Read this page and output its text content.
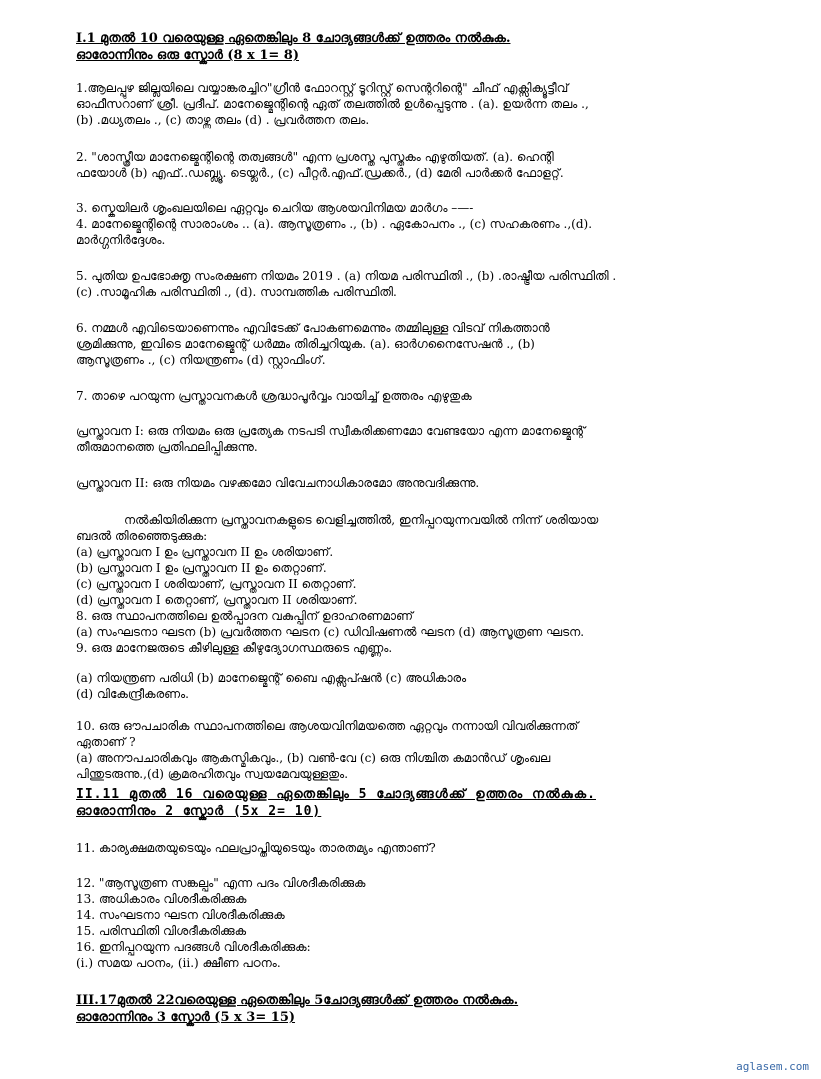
I.1 മുതൽ 10 വരെയുള്ള ഏതെങ്കിലും 8 ചോദ്യങ്ങൾക്ക് ഉത്തരം നൽകുക.
ഓരോന്നിനും ഒരു സ്കോർ (8 x 1= 8)
1.ആലപ്പുഴ ജില്ലയിലെ വയ്യാങ്കരച്ചിറ"ഗ്രീൻ ഫോറസ്റ്റ് ടൂറിസ്റ്റ് സെന്ററിന്റെ" ചീഫ് എക്സിക്യൂട്ടീവ്
ഓഫീസറാണ് ശ്രീ. പ്രദീപ്. മാനേജ്മെന്റിന്റെ ഏത് തലത്തിൽ ഉൾപ്പെടുന്നു . (a). ഉയർന്ന തലം .,
(b) .മധ്യതലം ., (c) താഴ്ന്ന തലം (d) . പ്രവർത്തന തലം.
2. "ശാസ്ത്രീയ മാനേജ്മെന്റിന്റെ തത്വങ്ങൾ" എന്ന പ്രശസ്ത പുസ്തകം എഴുതിയത്. (a). ഹെന്റി
ഫയോൾ (b) എഫ്..ഡബ്ല്യൂ. ടെയ്ലർ., (c) പീറ്റർ.എഫ്.ഡ്രക്കർ., (d) മേരി പാർക്കർ ഫോളറ്റ്.
3. സ്കെയിലർ ശൃംഖലയിലെ ഏറ്റവും ചെറിയ ആശയവിനിമയ മാർഗം –—-
4. മാനേജ്മെന്റിന്റെ സാരാംശം .. (a). ആസൂത്രണം ., (b) . ഏകോപനം ., (c) സഹകരണം .,(d).
മാർഗ്ഗനിർദ്ദേശം.
5. പുതിയ ഉപഭോക്തൃ സംരക്ഷണ നിയമം 2019 . (a) നിയമ പരിസ്ഥിതി ., (b) .രാഷ്ട്രീയ പരിസ്ഥിതി .
(c) .സാമൂഹിക പരിസ്ഥിതി ., (d). സാമ്പത്തിക പരിസ്ഥിതി.
6. നമ്മൾ എവിടെയാണെന്നും എവിടേക്ക് പോകണമെന്നും തമ്മിലുള്ള വിടവ് നികത്താൻ
ശ്രമിക്കുന്നു, ഇവിടെ മാനേജ്മെന്റ് ധർമ്മം തിരിച്ചറിയുക. (a). ഓർഗനൈസേഷൻ ., (b)
ആസൂത്രണം ., (c) നിയന്ത്രണം (d) സ്റ്റാഫിംഗ്.
7. താഴെ പറയുന്ന പ്രസ്താവനകൾ ശ്രദ്ധാപൂർവ്വം വായിച്ച് ഉത്തരം എഴുതുക
പ്രസ്താവന I: ഒരു നിയമം ഒരു പ്രത്യേക നടപടി സ്വീകരിക്കണമോ വേണ്ടയോ എന്ന മാനേജ്മെന്റ്
തീരുമാനത്തെ പ്രതിഫലിപ്പിക്കുന്നു.
പ്രസ്താവന II: ഒരു നിയമം വഴക്കമോ വിവേചനാധികാരമോ അനുവദിക്കുന്നു.
നൽകിയിരിക്കുന്ന പ്രസ്താവനകളുടെ വെളിച്ചത്തിൽ, ഇനിപ്പറയുന്നവയിൽ നിന്ന് ശരിയായ
ബദൽ തിരഞ്ഞെടുക്കുക:
(a) പ്രസ്താവന I ഉം പ്രസ്താവന II ഉം ശരിയാണ്.
(b) പ്രസ്താവന I ഉം പ്രസ്താവന II ഉം തെറ്റാണ്.
(c) പ്രസ്താവന I ശരിയാണ്, പ്രസ്താവന II തെറ്റാണ്.
(d) പ്രസ്താവന I തെറ്റാണ്, പ്രസ്താവന II ശരിയാണ്.
8. ഒരു സ്ഥാപനത്തിലെ ഉൽപ്പാദന വകുപ്പിന് ഉദാഹരണമാണ്
(a) സംഘടനാ ഘടന (b) പ്രവർത്തന ഘടന (c) ഡിവിഷണൽ ഘടന (d) ആസൂത്രണ ഘടന.
9. ഒരു മാനേജരുടെ കീഴിലുള്ള കീഴുദ്യോഗസ്ഥരുടെ എണ്ണം.
(a) നിയന്ത്രണ പരിധി (b) മാനേജ്മെന്റ് ബൈ എക്സപ്ഷൻ (c) അധികാരം
(d) വികേന്ദ്രീകരണം.
10. ഒരു ഔപചാരിക സ്ഥാപനത്തിലെ ആശയവിനിമയത്തെ ഏറ്റവും നന്നായി വിവരിക്കുന്നത്
ഏതാണ് ?
(a) അനൗപചാരികവും ആകസ്മികവും., (b) വൺ-വേ (c) ഒരു നിശ്ചിത കമാൻഡ് ശൃംഖല
പിന്തുടരുന്നു.,(d) ക്രമരഹിതവും സ്വയമേവയുള്ളതും.
II.11 മുതൽ 16 വരെയുള്ള ഏതെങ്കിലും 5 ചോദ്യങ്ങൾക്ക് ഉത്തരം നൽകുക.
ഓരോന്നിനും 2 സ്കോർ (5x 2= 10)
11. കാര്യക്ഷമതയുടെയും ഫലപ്രാപ്തിയുടെയും താരതമ്യം എന്താണ്?
12. "ആസൂത്രണ സങ്കല്പം" എന്ന പദം വിശദീകരിക്കുക
13. അധികാരം വിശദീകരിക്കുക
14. സംഘടനാ ഘടന വിശദീകരിക്കുക
15. പരിസ്ഥിതി വിശദീകരിക്കുക
16. ഇനിപ്പറയുന്ന പദങ്ങൾ വിശദീകരിക്കുക:
(i.) സമയ പഠനം, (ii.) ക്ഷീണ പഠനം.
III.17മുതൽ 22വരെയുള്ള ഏതെങ്കിലും 5ചോദ്യങ്ങൾക്ക് ഉത്തരം നൽകുക.
ഓരോന്നിനും 3 സ്കോർ (5 x 3= 15)
aglasem.com
